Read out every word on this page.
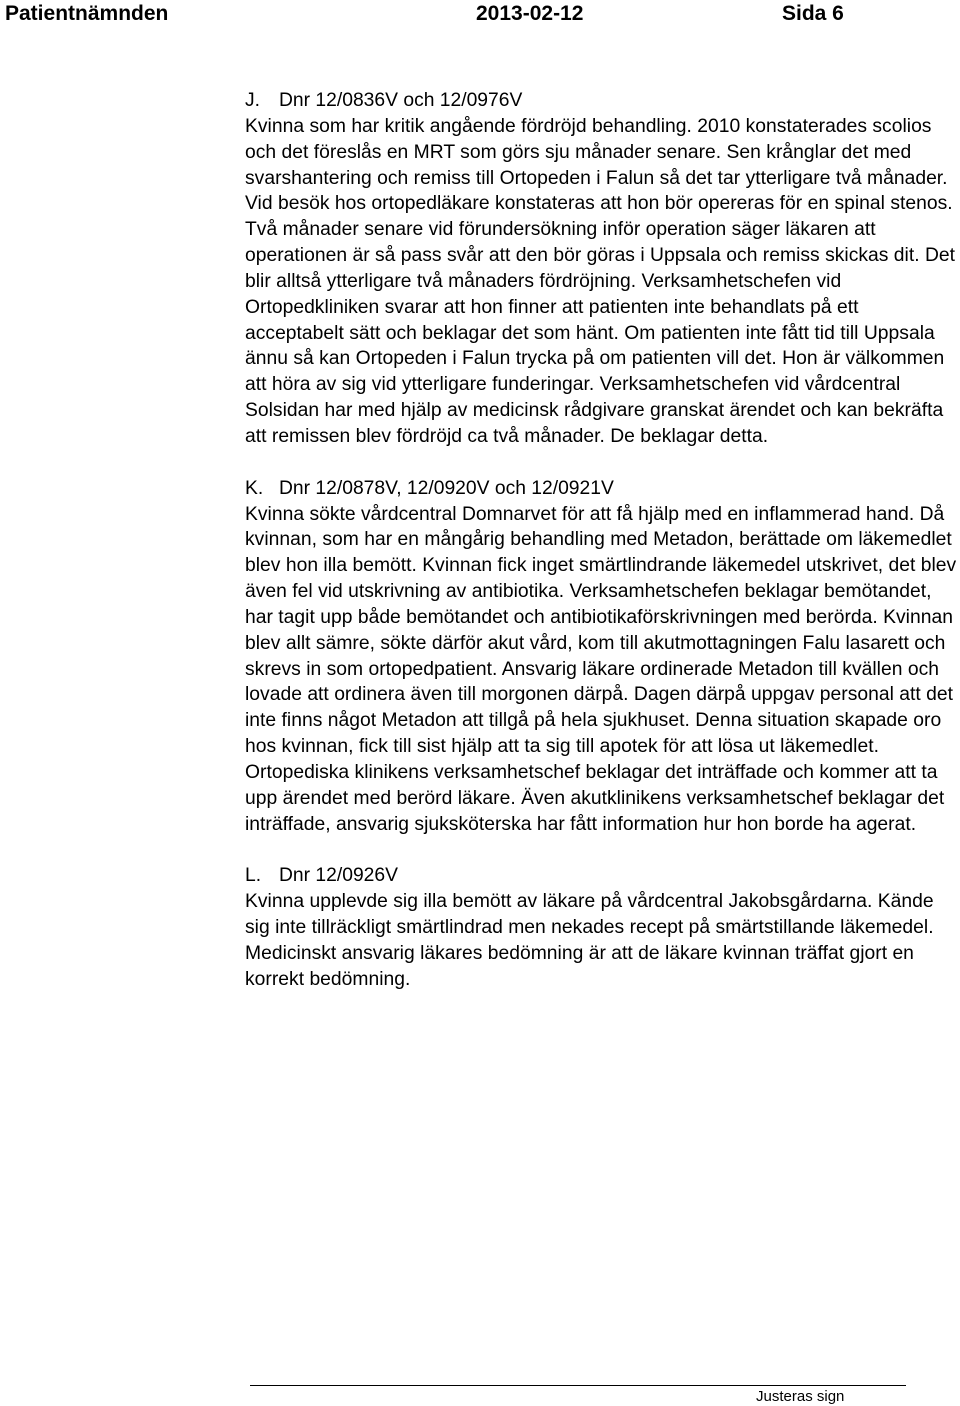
Patientnämnden	2013-02-12	Sida 6
J. Dnr 12/0836V och 12/0976V
Kvinna som har kritik angående fördröjd behandling. 2010 konstaterades scolios och det föreslås en MRT som görs sju månader senare. Sen krånglar det med svarshantering och remiss till Ortopeden i Falun så det tar ytterligare två månader. Vid besök hos ortopedläkare konstateras att hon bör opereras för en spinal stenos. Två månader senare vid förundersökning inför operation säger läkaren att operationen är så pass svår att den bör göras i Uppsala och remiss skickas dit. Det blir alltså ytterligare två månaders fördröjning. Verksamhetschefen vid Ortopedkliniken svarar att hon finner att patienten inte behandlats på ett acceptabelt sätt och beklagar det som hänt. Om patienten inte fått tid till Uppsala ännu så kan Ortopeden i Falun trycka på om patienten vill det. Hon är välkommen att höra av sig vid ytterligare funderingar. Verksamhetschefen vid vårdcentral Solsidan har med hjälp av medicinsk rådgivare granskat ärendet och kan bekräfta att remissen blev fördröjd ca två månader. De beklagar detta.
K. Dnr 12/0878V, 12/0920V och 12/0921V
Kvinna sökte vårdcentral Domnarvet för att få hjälp med en inflammerad hand. Då kvinnan, som har en mångårig behandling med Metadon, berättade om läkemedlet blev hon illa bemött. Kvinnan fick inget smärtlindrande läkemedel utskrivet, det blev även fel vid utskrivning av antibiotika. Verksamhetschefen beklagar bemötandet, har tagit upp både bemötandet och antibiotikaförskrivningen med berörda. Kvinnan blev allt sämre, sökte därför akut vård, kom till akutmottagningen Falu lasarett och skrevs in som ortopedpatient. Ansvarig läkare ordinerade Metadon till kvällen och lovade att ordinera även till morgonen därpå. Dagen därpå uppgav personal att det inte finns något Metadon att tillgå på hela sjukhuset. Denna situation skapade oro hos kvinnan, fick till sist hjälp att ta sig till apotek för att lösa ut läkemedlet. Ortopediska klinikens verksamhetschef beklagar det inträffade och kommer att ta upp ärendet med berörd läkare. Även akutklinikens verksamhetschef beklagar det inträffade, ansvarig sjuksköterska har fått information hur hon borde ha agerat.
L. Dnr 12/0926V
Kvinna upplevde sig illa bemött av läkare på vårdcentral Jakobsgårdarna. Kände sig inte tillräckligt smärtlindrad men nekades recept på smärtstillande läkemedel. Medicinskt ansvarig läkares bedömning är att de läkare kvinnan träffat gjort en korrekt bedömning.
Justeras sign
